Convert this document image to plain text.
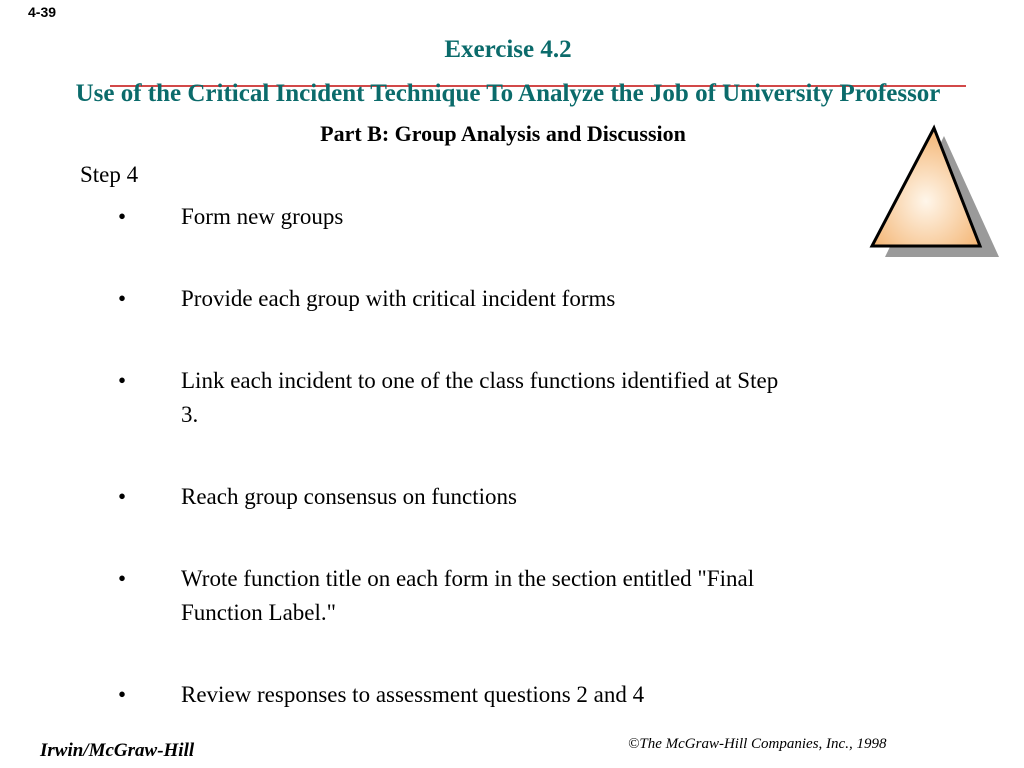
4-39
Exercise 4.2
Use of the Critical Incident Technique To Analyze the Job of University Professor
Part B: Group Analysis and Discussion
Step 4
• Form new groups
• Provide each group with critical incident forms
• Link each incident to one of the class functions identified at Step
3.
• Reach group consensus on functions
• Wrote function title on each form in the section entitled "Final
Function Label."
• Review responses to assessment questions 2 and 4
Irwin/McGraw-Hill	©The McGraw-Hill Companies, Inc., 1998
